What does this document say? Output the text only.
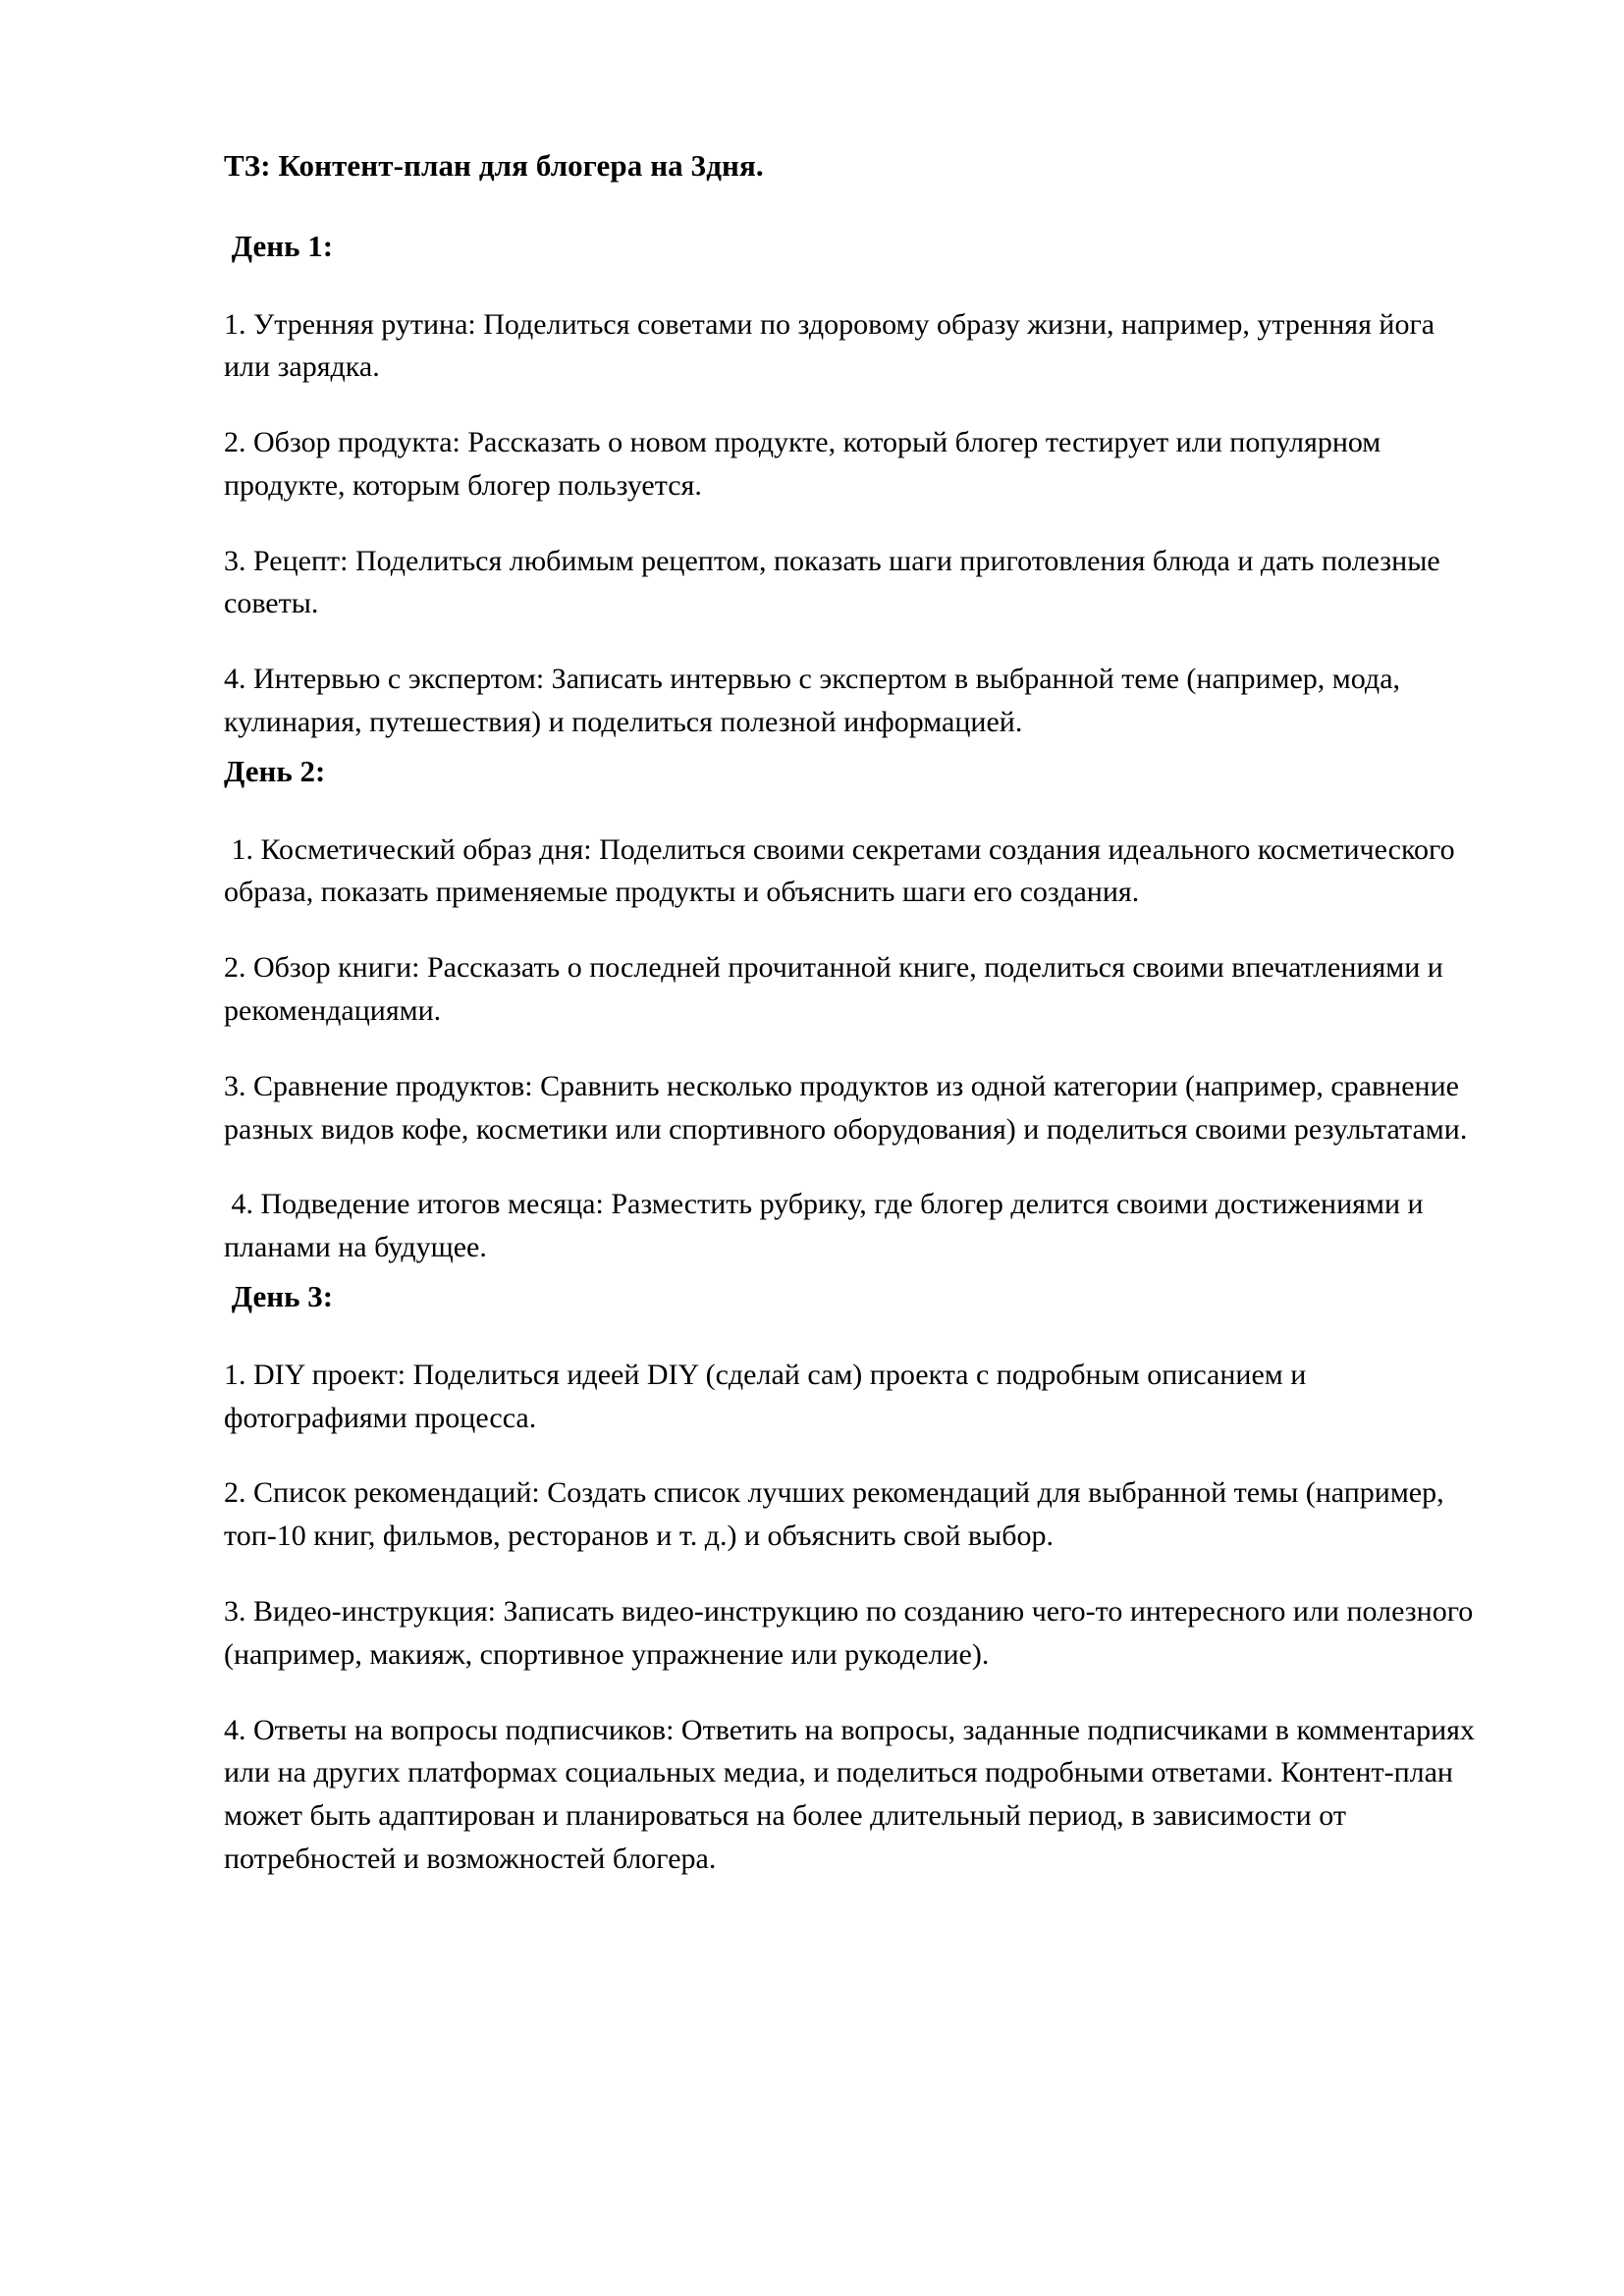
ТЗ: Контент-план для блогера на 3дня.
День 1:

1. Утренняя рутина: Поделиться советами по здоровому образу жизни, например, утренняя йога или зарядка.

2. Обзор продукта: Рассказать о новом продукте, который блогер тестирует или популярном продукте, которым блогер пользуется.

3. Рецепт: Поделиться любимым рецептом, показать шаги приготовления блюда и дать полезные советы.

4. Интервью с экспертом: Записать интервью с экспертом в выбранной теме (например, мода, кулинария, путешествия) и поделиться полезной информацией.

День 2:

1. Косметический образ дня: Поделиться своими секретами создания идеального косметического образа, показать применяемые продукты и объяснить шаги его создания.

2. Обзор книги: Рассказать о последней прочитанной книге, поделиться своими впечатлениями и рекомендациями.

3. Сравнение продуктов: Сравнить несколько продуктов из одной категории (например, сравнение разных видов кофе, косметики или спортивного оборудования) и поделиться своими результатами.

4. Подведение итогов месяца: Разместить рубрику, где блогер делится своими достижениями и планами на будущее.

День 3:

1. DIY проект: Поделиться идеей DIY (сделай сам) проекта с подробным описанием и фотографиями процесса.

2. Список рекомендаций: Создать список лучших рекомендаций для выбранной темы (например, топ-10 книг, фильмов, ресторанов и т. д.) и объяснить свой выбор.

3. Видео-инструкция: Записать видео-инструкцию по созданию чего-то интересного или полезного (например, макияж, спортивное упражнение или рукоделие).

4. Ответы на вопросы подписчиков: Ответить на вопросы, заданные подписчиками в комментариях или на других платформах социальных медиа, и поделиться подробными ответами. Контент-план может быть адаптирован и планироваться на более длительный период, в зависимости от потребностей и возможностей блогера.
